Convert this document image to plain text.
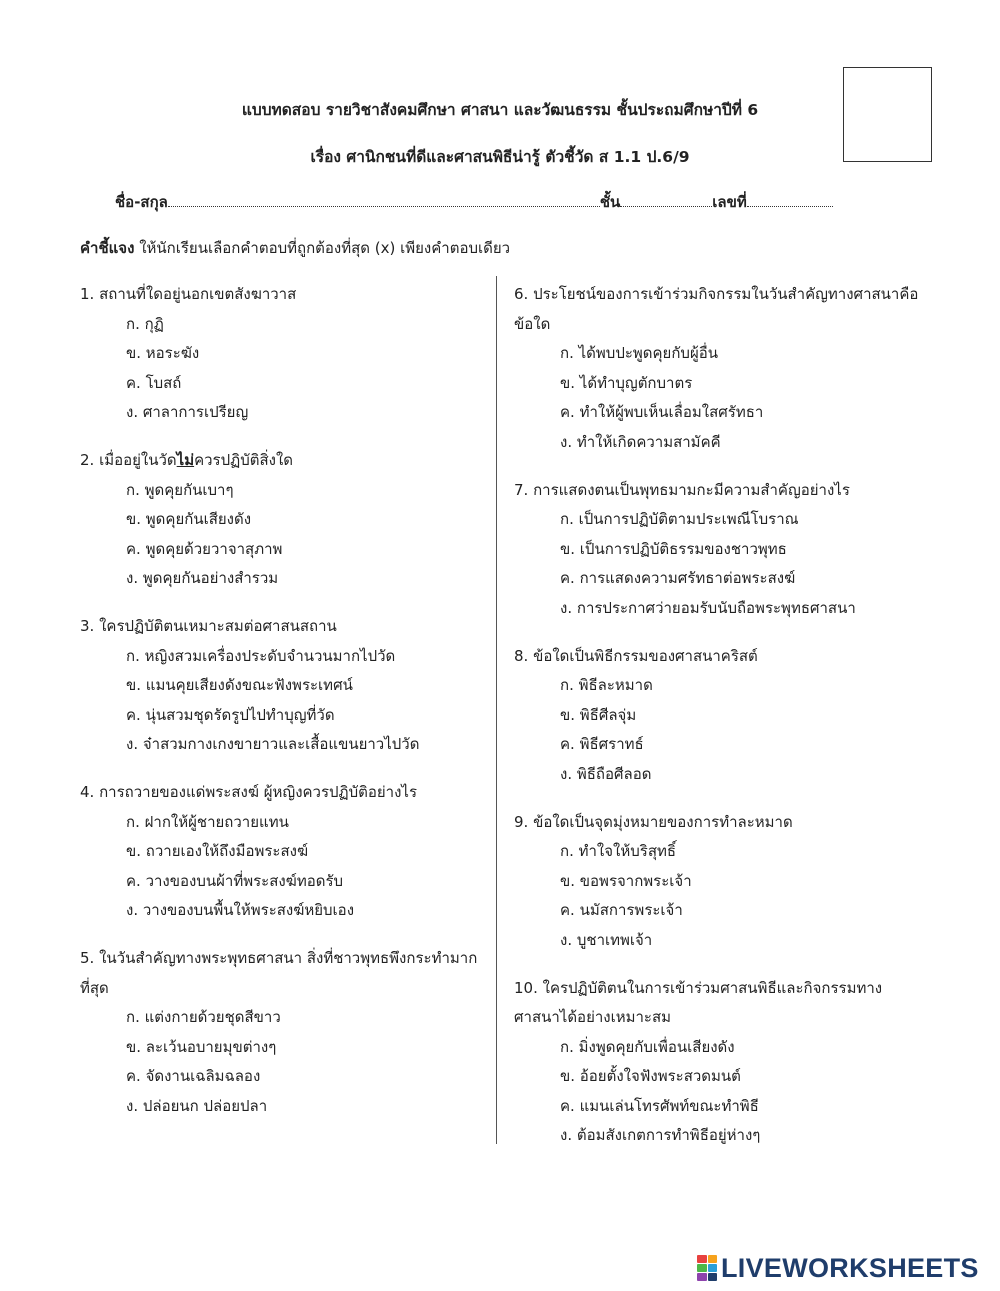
แบบทดสอบ รายวิชาสังคมศึกษา ศาสนา และวัฒนธรรม ชั้นประถมศึกษาปีที่ 6
เรื่อง ศานิกชนที่ดีและศาสนพิธีน่ารู้ ตัวชี้วัด ส 1.1 ป.6/9
ชื่อ-สกุล	ชั้น	เลขที่
คำชี้แจง ให้นักเรียนเลือกคำตอบที่ถูกต้องที่สุด (x) เพียงคำตอบเดียว
1. สถานที่ใดอยู่นอกเขตสังฆาวาส
ก. กุฏิ
ข. หอระฆัง
ค. โบสถ์
ง. ศาลาการเปรียญ
2. เมื่ออยู่ในวัดไม่ควรปฏิบัติสิ่งใด
ก. พูดคุยกันเบาๆ
ข. พูดคุยกันเสียงดัง
ค. พูดคุยด้วยวาจาสุภาพ
ง. พูดคุยกันอย่างสำรวม
3. ใครปฏิบัติตนเหมาะสมต่อศาสนสถาน
ก. หญิงสวมเครื่องประดับจำนวนมากไปวัด
ข. แมนคุยเสียงดังขณะฟังพระเทศน์
ค. นุ่นสวมชุดรัดรูปไปทำบุญที่วัด
ง. จ๋าสวมกางเกงขายาวและเสื้อแขนยาวไปวัด
4. การถวายของแด่พระสงฆ์ ผู้หญิงควรปฏิบัติอย่างไร
ก. ฝากให้ผู้ชายถวายแทน
ข. ถวายเองให้ถึงมือพระสงฆ์
ค. วางของบนผ้าที่พระสงฆ์ทอดรับ
ง. วางของบนพื้นให้พระสงฆ์หยิบเอง
5. ในวันสำคัญทางพระพุทธศาสนา สิ่งที่ชาวพุทธพึงกระทำมากที่สุด
ก. แต่งกายด้วยชุดสีขาว
ข. ละเว้นอบายมุขต่างๆ
ค. จัดงานเฉลิมฉลอง
ง. ปล่อยนก ปล่อยปลา
6. ประโยชน์ของการเข้าร่วมกิจกรรมในวันสำคัญทางศาสนาคือข้อใด
ก. ได้พบปะพูดคุยกับผู้อื่น
ข. ได้ทำบุญตักบาตร
ค. ทำให้ผู้พบเห็นเลื่อมใสศรัทธา
ง. ทำให้เกิดความสามัคคี
7. การแสดงตนเป็นพุทธมามกะมีความสำคัญอย่างไร
ก. เป็นการปฏิบัติตามประเพณีโบราณ
ข. เป็นการปฏิบัติธรรมของชาวพุทธ
ค. การแสดงความศรัทธาต่อพระสงฆ์
ง. การประกาศว่ายอมรับนับถือพระพุทธศาสนา
8. ข้อใดเป็นพิธีกรรมของศาสนาคริสต์
ก. พิธีละหมาด
ข. พิธีศีลจุ่ม
ค. พิธีศราทธ์
ง. พิธีถือศีลอด
9. ข้อใดเป็นจุดมุ่งหมายของการทำละหมาด
ก. ทำใจให้บริสุทธิ์
ข. ขอพรจากพระเจ้า
ค. นมัสการพระเจ้า
ง. บูชาเทพเจ้า
10. ใครปฏิบัติตนในการเข้าร่วมศาสนพิธีและกิจกรรมทางศาสนาได้อย่างเหมาะสม
ก. มิ่งพูดคุยกับเพื่อนเสียงดัง
ข. อ้อยตั้งใจฟังพระสวดมนต์
ค. แมนเล่นโทรศัพท์ขณะทำพิธี
ง. ต้อมสังเกตการทำพิธีอยู่ห่างๆ
LIVEWORKSHEETS
